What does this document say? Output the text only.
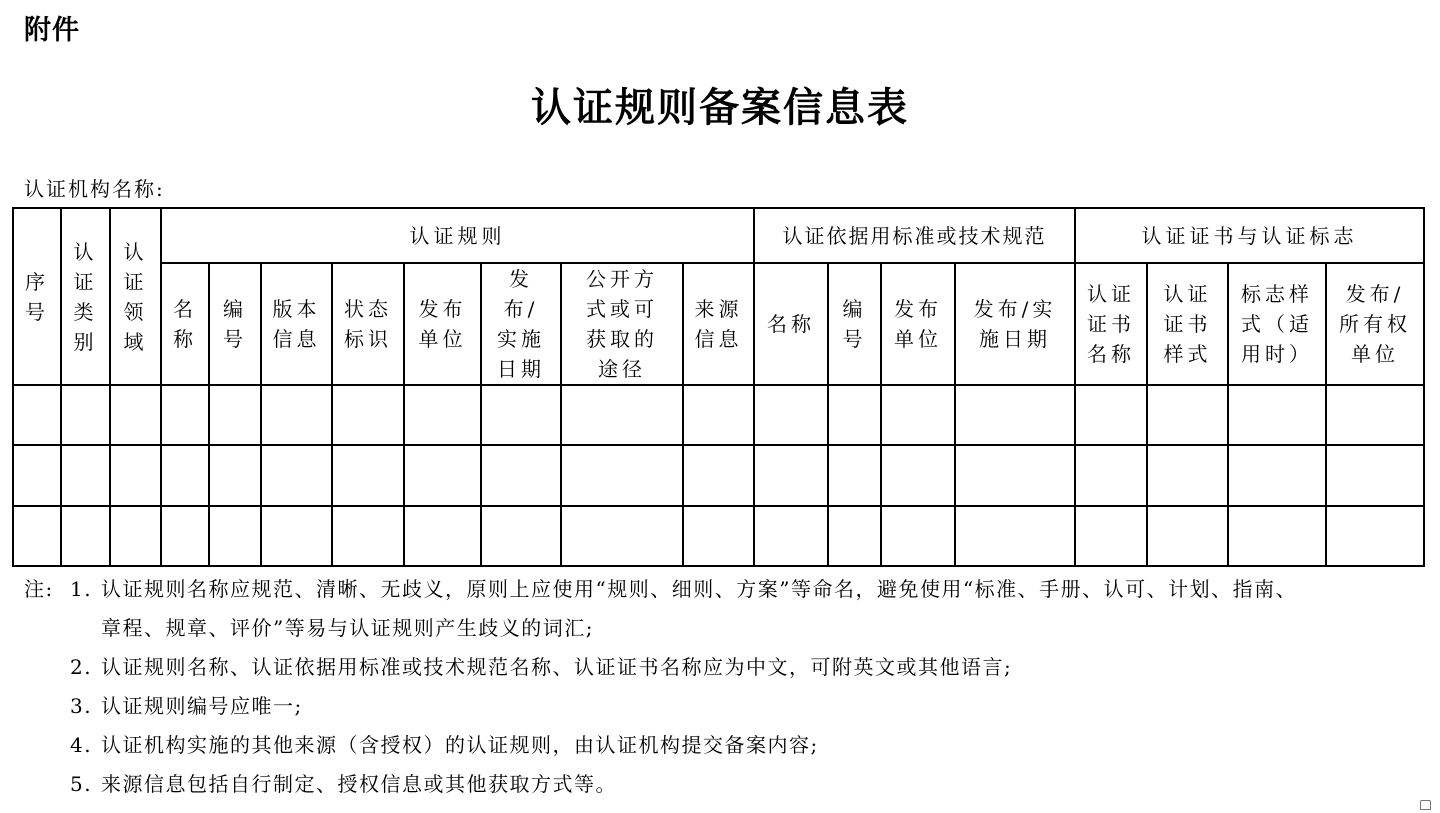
附件
认证规则备案信息表
认证机构名称:
序号	认证类别	认证领域	认证规则								认证依据用标准或技术规范				认证证书与认证标志			
			名称	编号	版本信息	状态标识	发布单位	发布/实施日期	公开方式或可获取的途径	来源信息	名称	编号	发布单位	发布/实施日期	认证证书名称	认证证书样式	标志样式（适用时）	发布/所有权单位

注: 1. 认证规则名称应规范、清晰、无歧义，原则上应使用“规则、细则、方案”等命名，避免使用“标准、手册、认可、计划、指南、
章程、规章、评价”等易与认证规则产生歧义的词汇;
2. 认证规则名称、认证依据用标准或技术规范名称、认证证书名称应为中文，可附英文或其他语言;
3. 认证规则编号应唯一;
4. 认证机构实施的其他来源（含授权）的认证规则，由认证机构提交备案内容;
5. 来源信息包括自行制定、授权信息或其他获取方式等。
